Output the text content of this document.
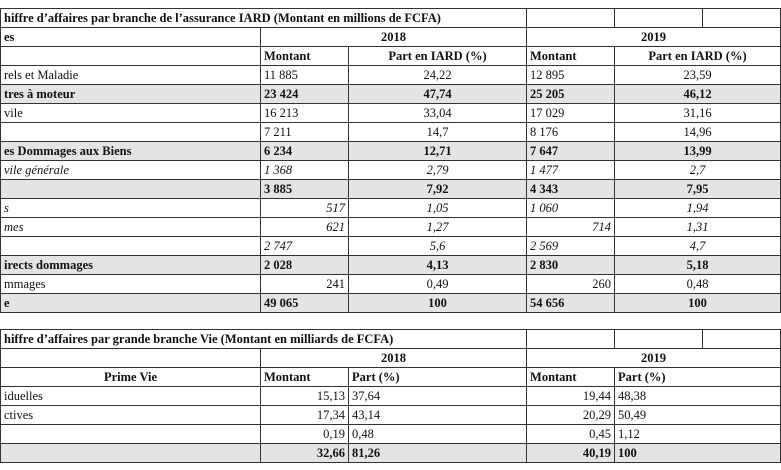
hiffre d’affaires par branche de l’assurance IARD (Montant en millions de FCFA)					
es	2018		2019		
	Montant	Part en IARD (%)	Montant	Part en IARD (%)	
rels et Maladie	11 885	24,22	12 895	23,59	
tres à moteur	23 424	47,74	25 205	46,12	
vile	16 213	33,04	17 029	31,16	
	7 211	14,7	8 176	14,96	
es Dommages aux Biens	6 234	12,71	7 647	13,99	
vile générale	1 368	2,79	1 477	2,7	
	3 885	7,92	4 343	7,95	
s	517	1,05	1 060	1,94	
mes	621	1,27	714	1,31	
	2 747	5,6	2 569	4,7	
irects dommages	2 028	4,13	2 830	5,18	
mmages	241	0,49	260	0,48	
e	49 065	100	54 656	100	
hiffre d’affaires par grande branche Vie (Montant en milliards de FCFA)					
	2018		2019		
Prime Vie	Montant	Part (%)	Montant	Part (%)	
iduelles	15,13	37,64	19,44	48,38	
ctives	17,34	43,14	20,29	50,49	
	0,19	0,48	0,45	1,12	
	32,66	81,26	40,19	100	
